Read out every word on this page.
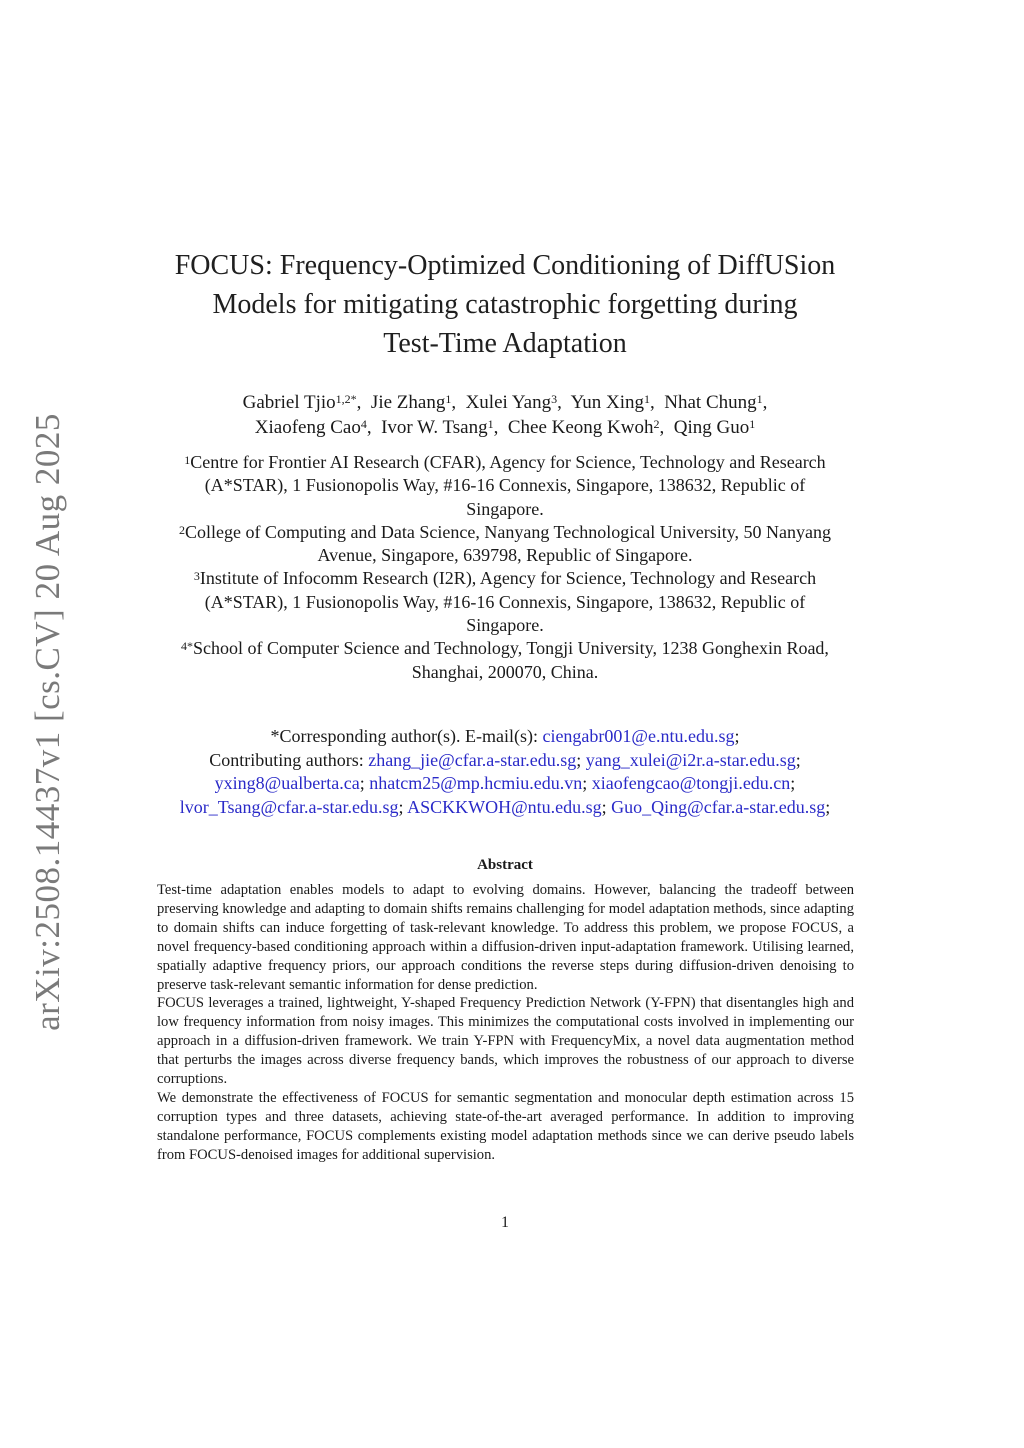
arXiv:2508.14437v1 [cs.CV] 20 Aug 2025
FOCUS: Frequency-Optimized Conditioning of DiffUSion
Models for mitigating catastrophic forgetting during
Test-Time Adaptation
Gabriel Tjio$^{1,2*}$,  Jie Zhang$^1$,  Xulei Yang$^3$,  Yun Xing$^1$,  Nhat Chung$^1$,
Xiaofeng Cao$^4$,  Ivor W. Tsang$^1$,  Chee Keong Kwoh$^2$,  Qing Guo$^1$
$^1$Centre for Frontier AI Research (CFAR), Agency for Science, Technology and Research
(A*STAR), 1 Fusionopolis Way, #16-16 Connexis, Singapore, 138632, Republic of
Singapore.
$^2$College of Computing and Data Science, Nanyang Technological University, 50 Nanyang
Avenue, Singapore, 639798, Republic of Singapore.
$^3$Institute of Infocomm Research (I2R), Agency for Science, Technology and Research
(A*STAR), 1 Fusionopolis Way, #16-16 Connexis, Singapore, 138632, Republic of
Singapore.
$^{4*}$School of Computer Science and Technology, Tongji University, 1238 Gonghexin Road,
Shanghai, 200070, China.
*Corresponding author(s). E-mail(s): ciengabr001@e.ntu.edu.sg;
Contributing authors: zhang_jie@cfar.a-star.edu.sg; yang_xulei@i2r.a-star.edu.sg;
yxing8@ualberta.ca; nhatcm25@mp.hcmiu.edu.vn; xiaofengcao@tongji.edu.cn;
lvor_Tsang@cfar.a-star.edu.sg; ASCKKWOH@ntu.edu.sg; Guo_Qing@cfar.a-star.edu.sg;
Abstract

Test-time adaptation enables models to adapt to evolving domains. However, balancing the tradeoff between preserving knowledge and adapting to domain shifts remains challenging for model adaptation methods, since adapting to domain shifts can induce forgetting of task-relevant knowledge. To address this problem, we propose FOCUS, a novel frequency-based conditioning approach within a diffusion-driven input-adaptation framework. Utilising learned, spatially adaptive frequency priors, our approach conditions the reverse steps during diffusion-driven denoising to preserve task-relevant semantic information for dense prediction.

FOCUS leverages a trained, lightweight, Y-shaped Frequency Prediction Network (Y-FPN) that disentangles high and low frequency information from noisy images. This minimizes the computational costs involved in implementing our approach in a diffusion-driven framework. We train Y-FPN with FrequencyMix, a novel data augmentation method that perturbs the images across diverse frequency bands, which improves the robustness of our approach to diverse corruptions.

We demonstrate the effectiveness of FOCUS for semantic segmentation and monocular depth estimation across 15 corruption types and three datasets, achieving state-of-the-art averaged performance. In addition to improving standalone performance, FOCUS complements existing model adaptation methods since we can derive pseudo labels from FOCUS-denoised images for additional supervision.

1
